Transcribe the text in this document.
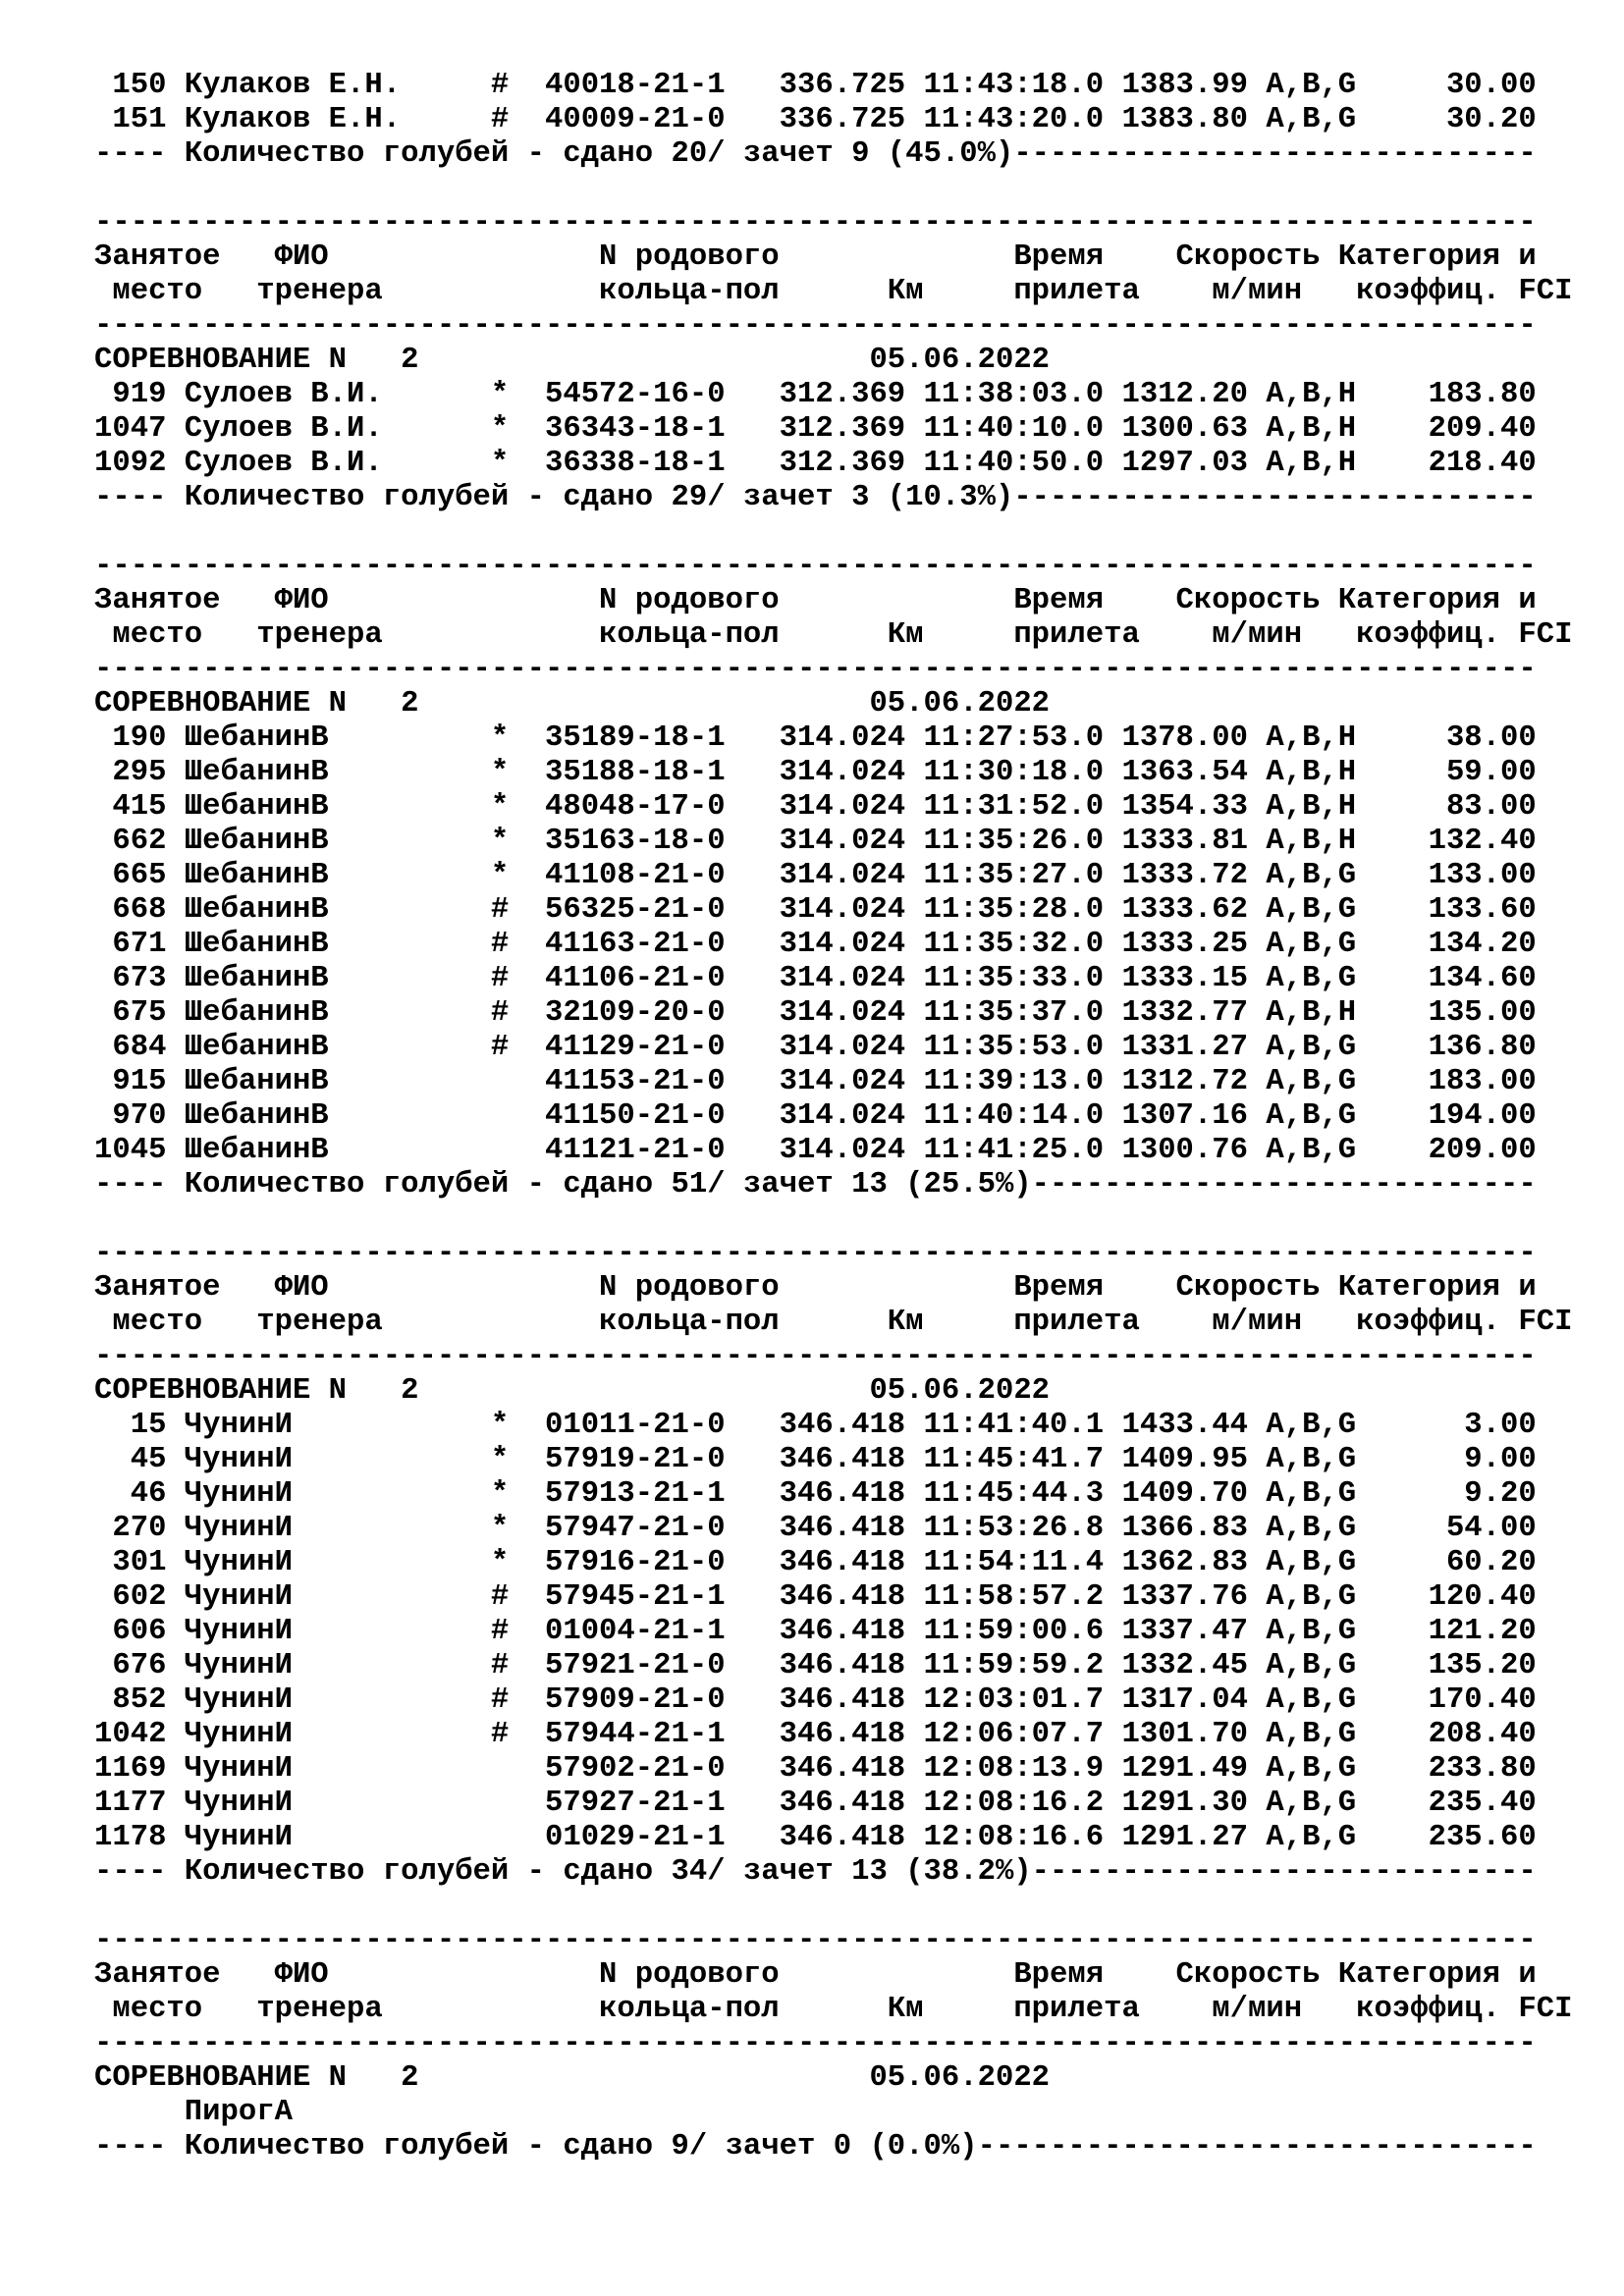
150 Кулаков Е.Н.     #  40018-21-1   336.725 11:43:18.0 1383.99 A,B,G     30.00
151 Кулаков Е.Н.     #  40009-21-0   336.725 11:43:20.0 1383.80 A,B,G     30.20
---- Количество голубей - сдано 20/ зачет 9 (45.0%)-----------------------------
--------------------------------------------------------------------------------
Занятое   ФИО               N родового             Время    Скорость Категория и
место   тренера            кольца-пол      Км     прилета    м/мин   коэффиц. FCI
--------------------------------------------------------------------------------
СОРЕВНОВАНИЕ N   2                         05.06.2022
919 Сулоев В.И.      *  54572-16-0   312.369 11:38:03.0 1312.20 A,B,H    183.80
1047 Сулоев В.И.      *  36343-18-1   312.369 11:40:10.0 1300.63 A,B,H    209.40
1092 Сулоев В.И.      *  36338-18-1   312.369 11:40:50.0 1297.03 A,B,H    218.40
---- Количество голубей - сдано 29/ зачет 3 (10.3%)-----------------------------
--------------------------------------------------------------------------------
Занятое   ФИО               N родового             Время    Скорость Категория и
место   тренера            кольца-пол      Км     прилета    м/мин   коэффиц. FCI
--------------------------------------------------------------------------------
СОРЕВНОВАНИЕ N   2                         05.06.2022
190 ШебанинВ         *  35189-18-1   314.024 11:27:53.0 1378.00 A,B,H     38.00
295 ШебанинВ         *  35188-18-1   314.024 11:30:18.0 1363.54 A,B,H     59.00
415 ШебанинВ         *  48048-17-0   314.024 11:31:52.0 1354.33 A,B,H     83.00
662 ШебанинВ         *  35163-18-0   314.024 11:35:26.0 1333.81 A,B,H    132.40
665 ШебанинВ         *  41108-21-0   314.024 11:35:27.0 1333.72 A,B,G    133.00
668 ШебанинВ         #  56325-21-0   314.024 11:35:28.0 1333.62 A,B,G    133.60
671 ШебанинВ         #  41163-21-0   314.024 11:35:32.0 1333.25 A,B,G    134.20
673 ШебанинВ         #  41106-21-0   314.024 11:35:33.0 1333.15 A,B,G    134.60
675 ШебанинВ         #  32109-20-0   314.024 11:35:37.0 1332.77 A,B,H    135.00
684 ШебанинВ         #  41129-21-0   314.024 11:35:53.0 1331.27 A,B,G    136.80
915 ШебанинВ            41153-21-0   314.024 11:39:13.0 1312.72 A,B,G    183.00
970 ШебанинВ            41150-21-0   314.024 11:40:14.0 1307.16 A,B,G    194.00
1045 ШебанинВ            41121-21-0   314.024 11:41:25.0 1300.76 A,B,G    209.00
---- Количество голубей - сдано 51/ зачет 13 (25.5%)----------------------------
--------------------------------------------------------------------------------
Занятое   ФИО               N родового             Время    Скорость Категория и
место   тренера            кольца-пол      Км     прилета    м/мин   коэффиц. FCI
--------------------------------------------------------------------------------
СОРЕВНОВАНИЕ N   2                         05.06.2022
15 ЧунинИ           *  01011-21-0   346.418 11:41:40.1 1433.44 A,B,G      3.00
45 ЧунинИ           *  57919-21-0   346.418 11:45:41.7 1409.95 A,B,G      9.00
46 ЧунинИ           *  57913-21-1   346.418 11:45:44.3 1409.70 A,B,G      9.20
270 ЧунинИ           *  57947-21-0   346.418 11:53:26.8 1366.83 A,B,G     54.00
301 ЧунинИ           *  57916-21-0   346.418 11:54:11.4 1362.83 A,B,G     60.20
602 ЧунинИ           #  57945-21-1   346.418 11:58:57.2 1337.76 A,B,G    120.40
606 ЧунинИ           #  01004-21-1   346.418 11:59:00.6 1337.47 A,B,G    121.20
676 ЧунинИ           #  57921-21-0   346.418 11:59:59.2 1332.45 A,B,G    135.20
852 ЧунинИ           #  57909-21-0   346.418 12:03:01.7 1317.04 A,B,G    170.40
1042 ЧунинИ           #  57944-21-1   346.418 12:06:07.7 1301.70 A,B,G    208.40
1169 ЧунинИ              57902-21-0   346.418 12:08:13.9 1291.49 A,B,G    233.80
1177 ЧунинИ              57927-21-1   346.418 12:08:16.2 1291.30 A,B,G    235.40
1178 ЧунинИ              01029-21-1   346.418 12:08:16.6 1291.27 A,B,G    235.60
---- Количество голубей - сдано 34/ зачет 13 (38.2%)----------------------------
--------------------------------------------------------------------------------
Занятое   ФИО               N родового             Время    Скорость Категория и
место   тренера            кольца-пол      Км     прилета    м/мин   коэффиц. FCI
--------------------------------------------------------------------------------
СОРЕВНОВАНИЕ N   2                         05.06.2022
ПирогА
---- Количество голубей - сдано 9/ зачет 0 (0.0%)-------------------------------
